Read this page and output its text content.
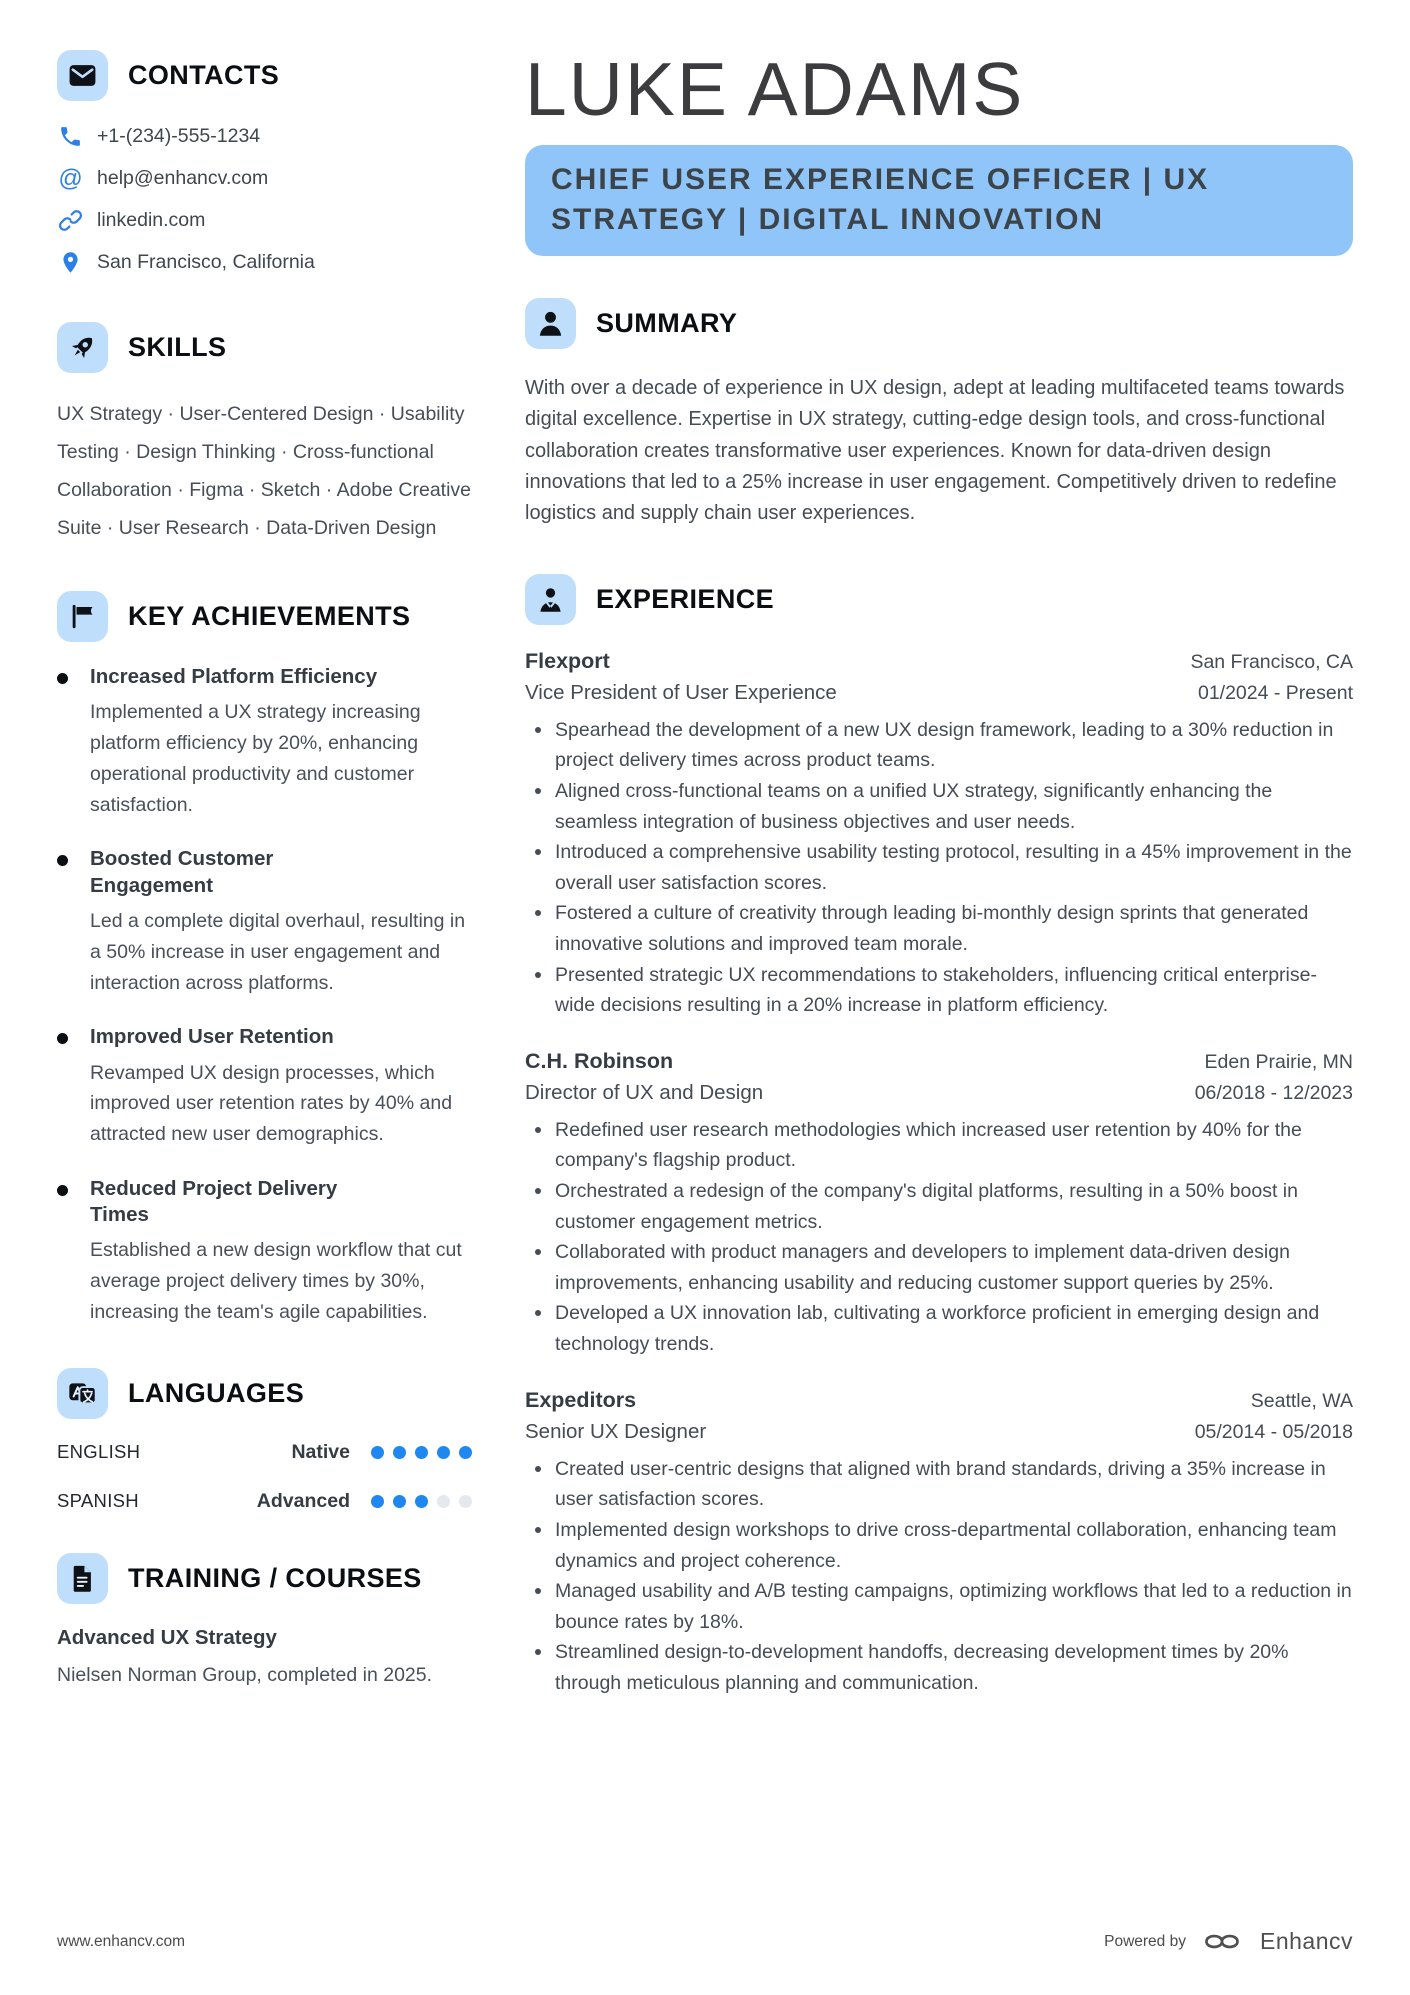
CONTACTS
+1-(234)-555-1234
@ help@enhancv.com
linkedin.com
San Francisco, California
SKILLS

UX Strategy · User-Centered Design · Usability Testing · Design Thinking · Cross-functional Collaboration · Figma · Sketch · Adobe Creative Suite · User Research · Data-Driven Design

KEY ACHIEVEMENTS
Increased Platform Efficiency

Implemented a UX strategy increasing platform efficiency by 20%, enhancing operational productivity and customer satisfaction.

Boosted Customer Engagement

Led a complete digital overhaul, resulting in a 50% increase in user engagement and interaction across platforms.

Improved User Retention

Revamped UX design processes, which improved user retention rates by 40% and attracted new user demographics.

Reduced Project Delivery Times

Established a new design workflow that cut average project delivery times by 30%, increasing the team's agile capabilities.

LANGUAGES
ENGLISH	Native
SPANISH	Advanced
TRAINING / COURSES
Advanced UX Strategy

Nielsen Norman Group, completed in 2025.

LUKE ADAMS
CHIEF USER EXPERIENCE OFFICER | UX STRATEGY | DIGITAL INNOVATION
SUMMARY

With over a decade of experience in UX design, adept at leading multifaceted teams towards digital excellence. Expertise in UX strategy, cutting-edge design tools, and cross-functional collaboration creates transformative user experiences. Known for data-driven design innovations that led to a 25% increase in user engagement. Competitively driven to redefine logistics and supply chain user experiences.

EXPERIENCE
Flexport	San Francisco, CA
Vice President of User Experience	01/2024 - Present
Spearhead the development of a new UX design framework, leading to a 30% reduction in project delivery times across product teams.
Aligned cross-functional teams on a unified UX strategy, significantly enhancing the seamless integration of business objectives and user needs.
Introduced a comprehensive usability testing protocol, resulting in a 45% improvement in the overall user satisfaction scores.
Fostered a culture of creativity through leading bi-monthly design sprints that generated innovative solutions and improved team morale.
Presented strategic UX recommendations to stakeholders, influencing critical enterprise-wide decisions resulting in a 20% increase in platform efficiency.
C.H. Robinson	Eden Prairie, MN
Director of UX and Design	06/2018 - 12/2023
Redefined user research methodologies which increased user retention by 40% for the company's flagship product.
Orchestrated a redesign of the company's digital platforms, resulting in a 50% boost in customer engagement metrics.
Collaborated with product managers and developers to implement data-driven design improvements, enhancing usability and reducing customer support queries by 25%.
Developed a UX innovation lab, cultivating a workforce proficient in emerging design and technology trends.
Expeditors	Seattle, WA
Senior UX Designer	05/2014 - 05/2018
Created user-centric designs that aligned with brand standards, driving a 35% increase in user satisfaction scores.
Implemented design workshops to drive cross-departmental collaboration, enhancing team dynamics and project coherence.
Managed usability and A/B testing campaigns, optimizing workflows that led to a reduction in bounce rates by 18%.
Streamlined design-to-development handoffs, decreasing development times by 20% through meticulous planning and communication.
www.enhancv.com	Powered by	Enhancv
